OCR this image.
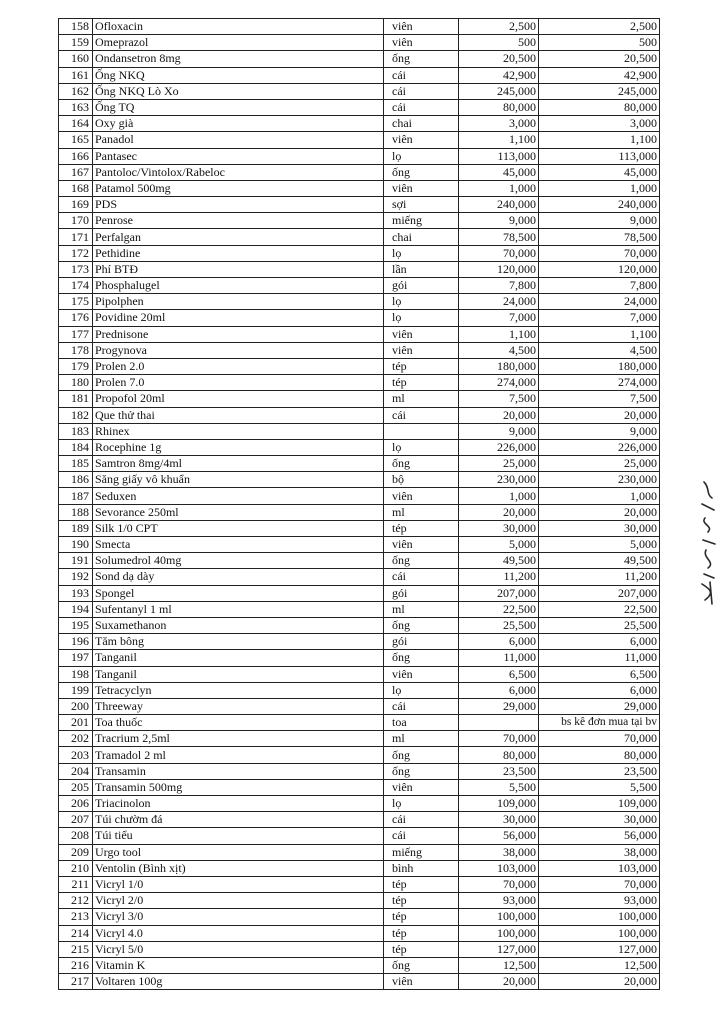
158	Ofloxacin	viên	2,500	2,500
159	Omeprazol	viên	500	500
160	Ondansetron 8mg	ống	20,500	20,500
161	Ống NKQ	cái	42,900	42,900
162	Ống NKQ Lò Xo	cái	245,000	245,000
163	Ống TQ	cái	80,000	80,000
164	Oxy già	chai	3,000	3,000
165	Panadol	viên	1,100	1,100
166	Pantasec	lọ	113,000	113,000
167	Pantoloc/Vintolox/Rabeloc	ống	45,000	45,000
168	Patamol 500mg	viên	1,000	1,000
169	PDS	sợi	240,000	240,000
170	Penrose	miếng	9,000	9,000
171	Perfalgan	chai	78,500	78,500
172	Pethidine	lọ	70,000	70,000
173	Phí BTĐ	lần	120,000	120,000
174	Phosphalugel	gói	7,800	7,800
175	Pipolphen	lọ	24,000	24,000
176	Povidine 20ml	lọ	7,000	7,000
177	Prednisone	viên	1,100	1,100
178	Progynova	viên	4,500	4,500
179	Prolen 2.0	tép	180,000	180,000
180	Prolen 7.0	tép	274,000	274,000
181	Propofol 20ml	ml	7,500	7,500
182	Que thử thai	cái	20,000	20,000
183	Rhinex		9,000	9,000
184	Rocephine 1g	lọ	226,000	226,000
185	Samtron 8mg/4ml	ống	25,000	25,000
186	Săng giấy vô khuẩn	bộ	230,000	230,000
187	Seduxen	viên	1,000	1,000
188	Sevorance 250ml	ml	20,000	20,000
189	Silk 1/0 CPT	tép	30,000	30,000
190	Smecta	viên	5,000	5,000
191	Solumedrol 40mg	ống	49,500	49,500
192	Sond dạ dày	cái	11,200	11,200
193	Spongel	gói	207,000	207,000
194	Sufentanyl 1 ml	ml	22,500	22,500
195	Suxamethanon	ống	25,500	25,500
196	Tăm bông	gói	6,000	6,000
197	Tanganil	ống	11,000	11,000
198	Tanganil	viên	6,500	6,500
199	Tetracyclyn	lọ	6,000	6,000
200	Threeway	cái	29,000	29,000
201	Toa thuốc	toa		bs kê đơn mua tại bv
202	Tracrium 2,5ml	ml	70,000	70,000
203	Tramadol 2 ml	ống	80,000	80,000
204	Transamin	ống	23,500	23,500
205	Transamin 500mg	viên	5,500	5,500
206	Triacinolon	lọ	109,000	109,000
207	Túi chườm đá	cái	30,000	30,000
208	Túi tiểu	cái	56,000	56,000
209	Urgo tool	miếng	38,000	38,000
210	Ventolin (Bình xịt)	bình	103,000	103,000
211	Vicryl 1/0	tép	70,000	70,000
212	Vicryl 2/0	tép	93,000	93,000
213	Vicryl 3/0	tép	100,000	100,000
214	Vicryl 4.0	tép	100,000	100,000
215	Vicryl 5/0	tép	127,000	127,000
216	Vitamin K	ống	12,500	12,500
217	Voltaren 100g	viên	20,000	20,000
